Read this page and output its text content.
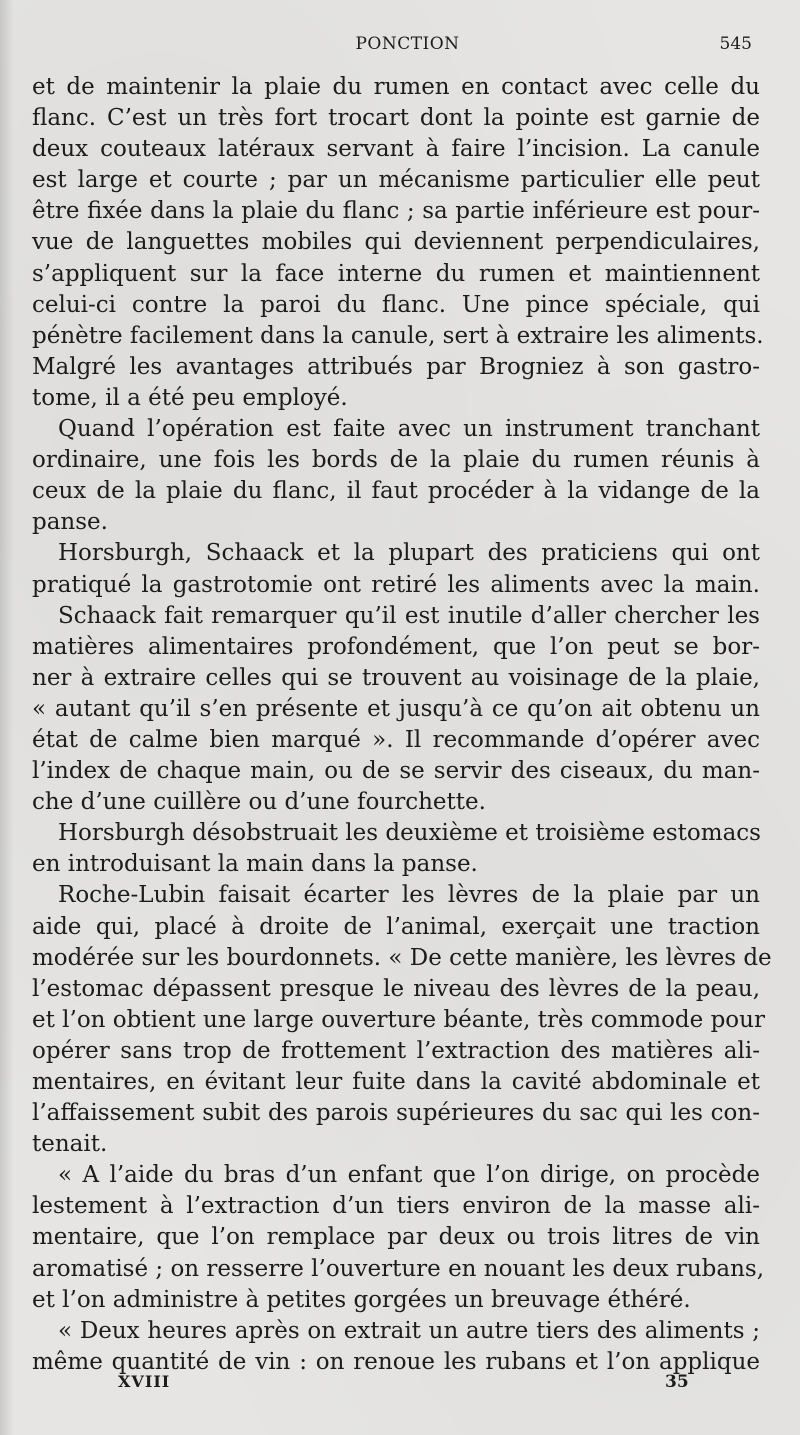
PONCTION	545
et de maintenir la plaie du rumen en contact avec celle du
flanc. C’est un très fort trocart dont la pointe est garnie de
deux couteaux latéraux servant à faire l’incision. La canule
est large et courte ; par un mécanisme particulier elle peut
être fixée dans la plaie du flanc ; sa partie inférieure est pour-
vue de languettes mobiles qui deviennent perpendiculaires,
s’appliquent sur la face interne du rumen et maintiennent
celui-ci contre la paroi du flanc. Une pince spéciale, qui
pénètre facilement dans la canule, sert à extraire les aliments.
Malgré les avantages attribués par Brogniez à son gastro-
tome, il a été peu employé.
Quand l’opération est faite avec un instrument tranchant
ordinaire, une fois les bords de la plaie du rumen réunis à
ceux de la plaie du flanc, il faut procéder à la vidange de la
panse.
Horsburgh, Schaack et la plupart des praticiens qui ont
pratiqué la gastrotomie ont retiré les aliments avec la main.
Schaack fait remarquer qu’il est inutile d’aller chercher les
matières alimentaires profondément, que l’on peut se bor-
ner à extraire celles qui se trouvent au voisinage de la plaie,
« autant qu’il s’en présente et jusqu’à ce qu’on ait obtenu un
état de calme bien marqué ». Il recommande d’opérer avec
l’index de chaque main, ou de se servir des ciseaux, du man-
che d’une cuillère ou d’une fourchette.
Horsburgh désobstruait les deuxième et troisième estomacs
en introduisant la main dans la panse.
Roche-Lubin faisait écarter les lèvres de la plaie par un
aide qui, placé à droite de l’animal, exerçait une traction
modérée sur les bourdonnets. « De cette manière, les lèvres de
l’estomac dépassent presque le niveau des lèvres de la peau,
et l’on obtient une large ouverture béante, très commode pour
opérer sans trop de frottement l’extraction des matières ali-
mentaires, en évitant leur fuite dans la cavité abdominale et
l’affaissement subit des parois supérieures du sac qui les con-
tenait.
« A l’aide du bras d’un enfant que l’on dirige, on procède
lestement à l’extraction d’un tiers environ de la masse ali-
mentaire, que l’on remplace par deux ou trois litres de vin
aromatisé ; on resserre l’ouverture en nouant les deux rubans,
et l’on administre à petites gorgées un breuvage éthéré.
« Deux heures après on extrait un autre tiers des aliments ;
même quantité de vin : on renoue les rubans et l’on applique
XVIII	35
